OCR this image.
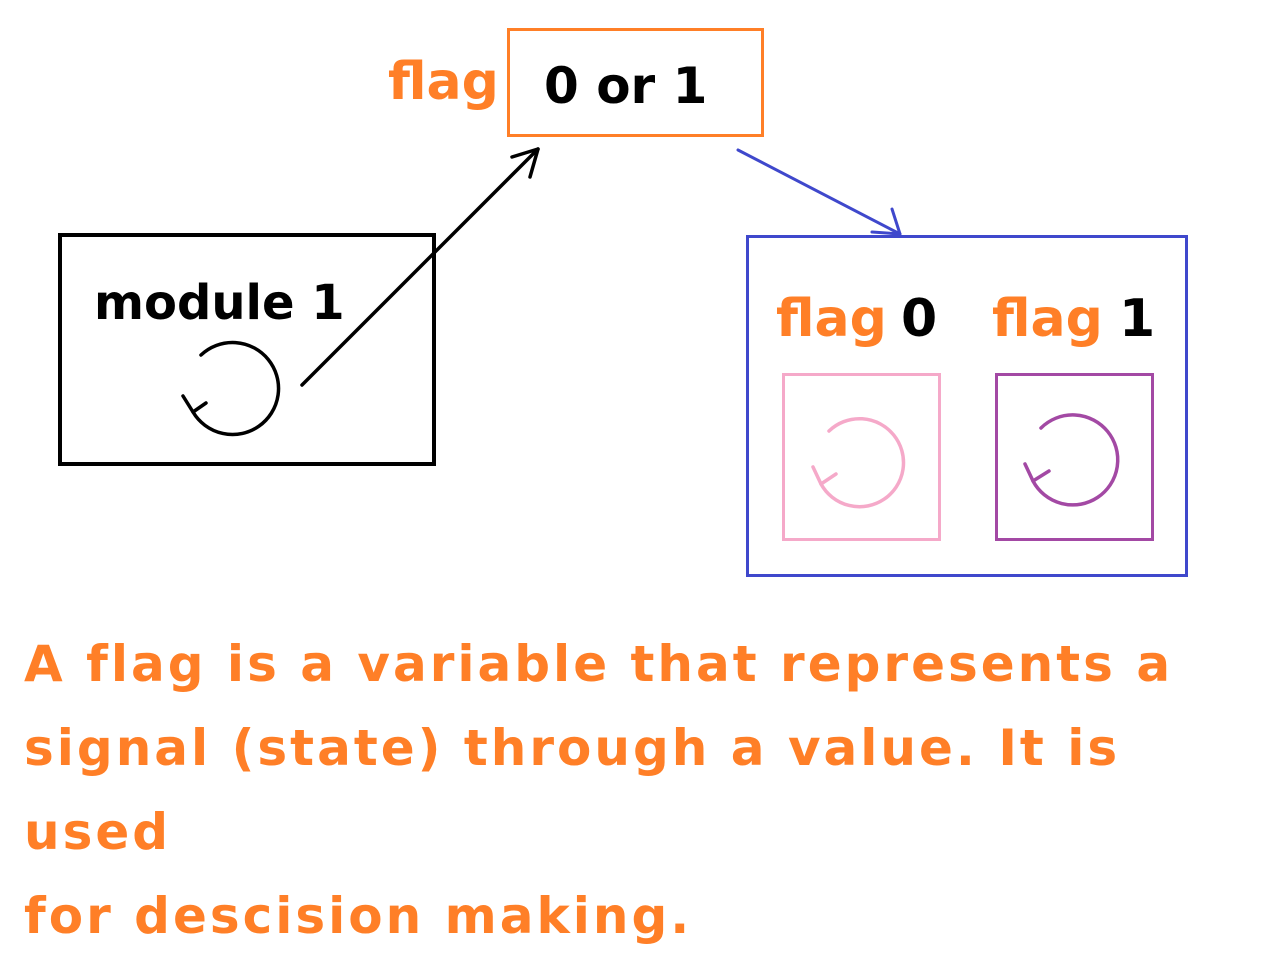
flag 0 or 1
module 1	flag 0 flag 1
A flag is a variable that represents a
signal (state) through a value. It is used
for descision making.
